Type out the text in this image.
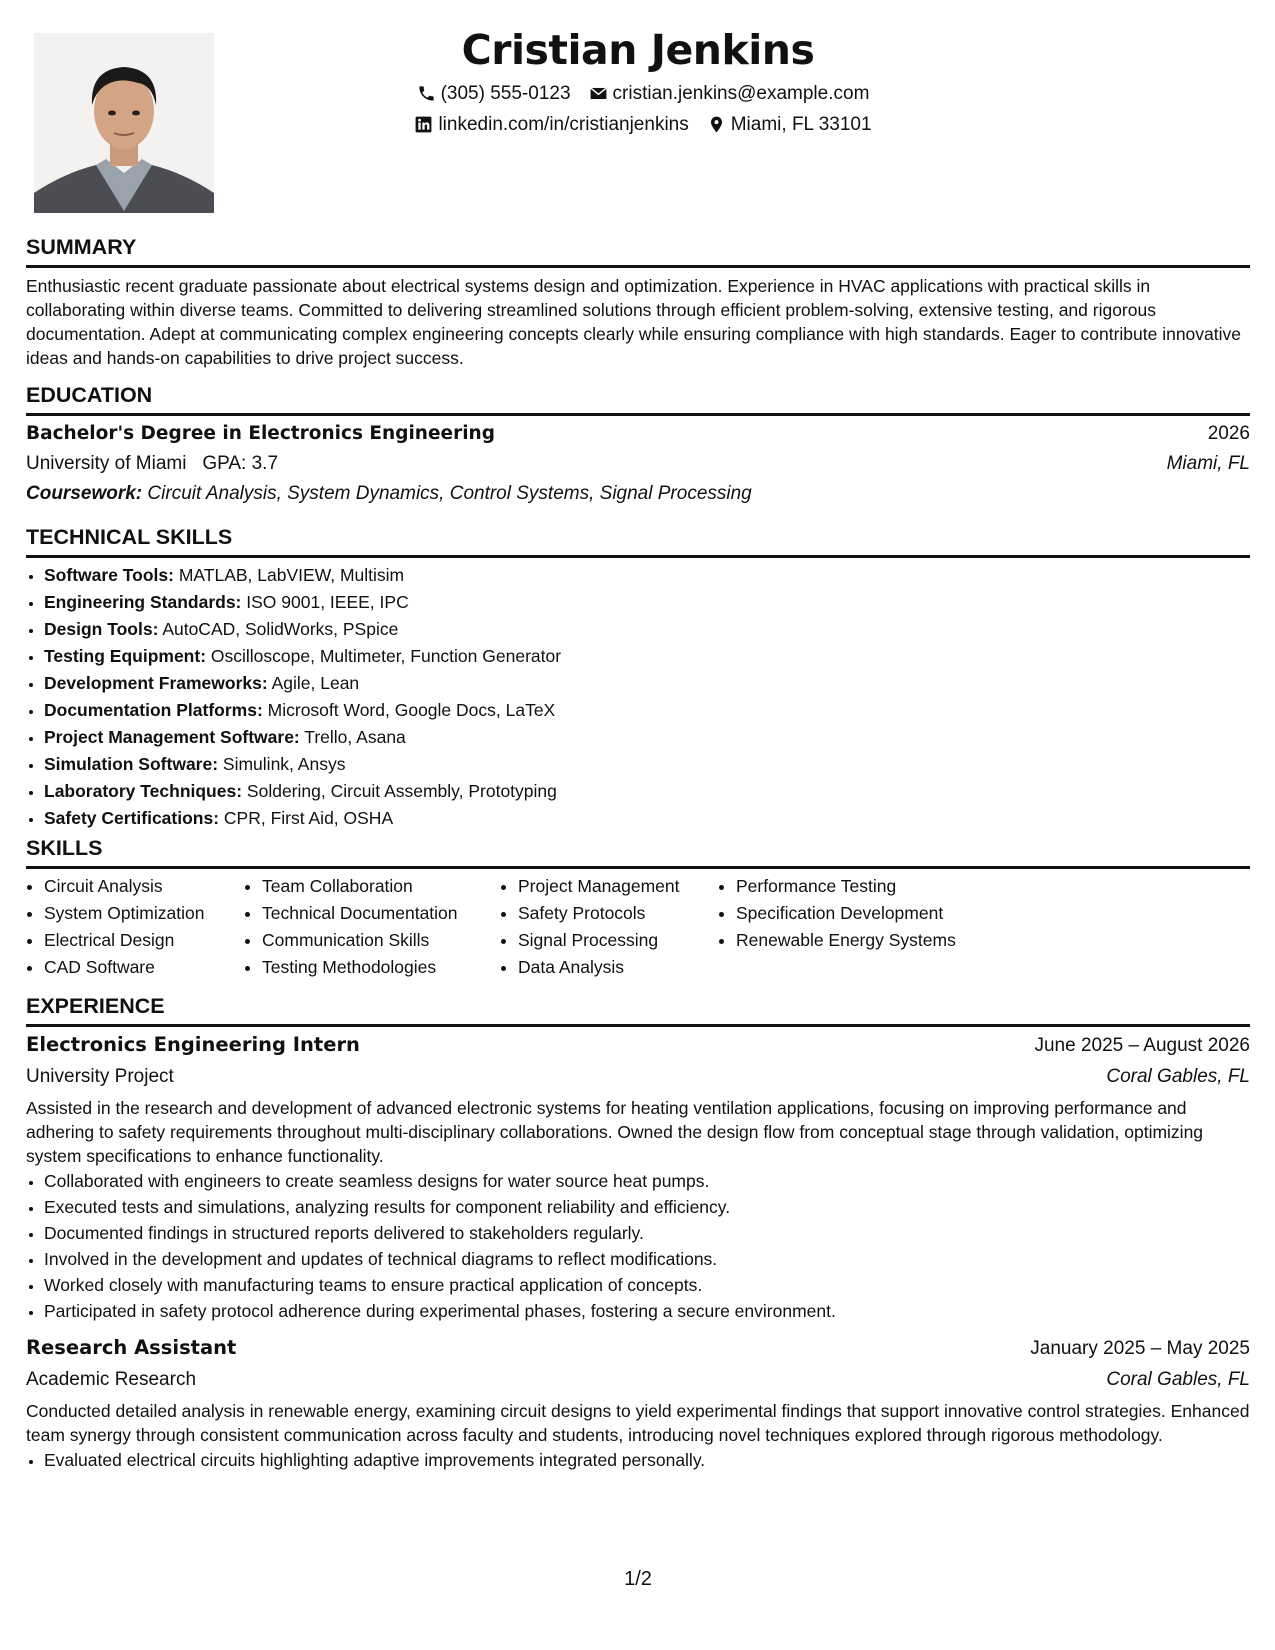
Cristian Jenkins
(305) 555-0123 cristian.jenkins@example.com
linkedin.com/in/cristianjenkins Miami, FL 33101
SUMMARY

Enthusiastic recent graduate passionate about electrical systems design and optimization. Experience in HVAC applications with practical skills in collaborating within diverse teams. Committed to delivering streamlined solutions through efficient problem-solving, extensive testing, and rigorous documentation. Adept at communicating complex engineering concepts clearly while ensuring compliance with high standards. Eager to contribute innovative ideas and hands-on capabilities to drive project success.

EDUCATION
Bachelor's Degree in Electronics Engineering	2026
University of Miami GPA: 3.7	Miami, FL
Coursework: Circuit Analysis, System Dynamics, Control Systems, Signal Processing
TECHNICAL SKILLS
• Software Tools: MATLAB, LabVIEW, Multisim
• Engineering Standards: ISO 9001, IEEE, IPC
• Design Tools: AutoCAD, SolidWorks, PSpice
• Testing Equipment: Oscilloscope, Multimeter, Function Generator
• Development Frameworks: Agile, Lean
• Documentation Platforms: Microsoft Word, Google Docs, LaTeX
• Project Management Software: Trello, Asana
• Simulation Software: Simulink, Ansys
• Laboratory Techniques: Soldering, Circuit Assembly, Prototyping
• Safety Certifications: CPR, First Aid, OSHA
SKILLS
• Circuit Analysis
• System Optimization
• Electrical Design
• CAD Software
• Team Collaboration
• Technical Documentation
• Communication Skills
• Testing Methodologies
• Project Management
• Safety Protocols
• Signal Processing
• Data Analysis
• Performance Testing
• Specification Development
• Renewable Energy Systems
EXPERIENCE
Electronics Engineering Intern	June 2025 – August 2026
University Project	Coral Gables, FL

Assisted in the research and development of advanced electronic systems for heating ventilation applications, focusing on improving performance and adhering to safety requirements throughout multi-disciplinary collaborations. Owned the design flow from conceptual stage through validation, optimizing system specifications to enhance functionality.

• Collaborated with engineers to create seamless designs for water source heat pumps.
• Executed tests and simulations, analyzing results for component reliability and efficiency.
• Documented findings in structured reports delivered to stakeholders regularly.
• Involved in the development and updates of technical diagrams to reflect modifications.
• Worked closely with manufacturing teams to ensure practical application of concepts.
• Participated in safety protocol adherence during experimental phases, fostering a secure environment.
Research Assistant	January 2025 – May 2025
Academic Research	Coral Gables, FL

Conducted detailed analysis in renewable energy, examining circuit designs to yield experimental findings that support innovative control strategies. Enhanced team synergy through consistent communication across faculty and students, introducing novel techniques explored through rigorous methodology.

• Evaluated electrical circuits highlighting adaptive improvements integrated personally.
1/2
